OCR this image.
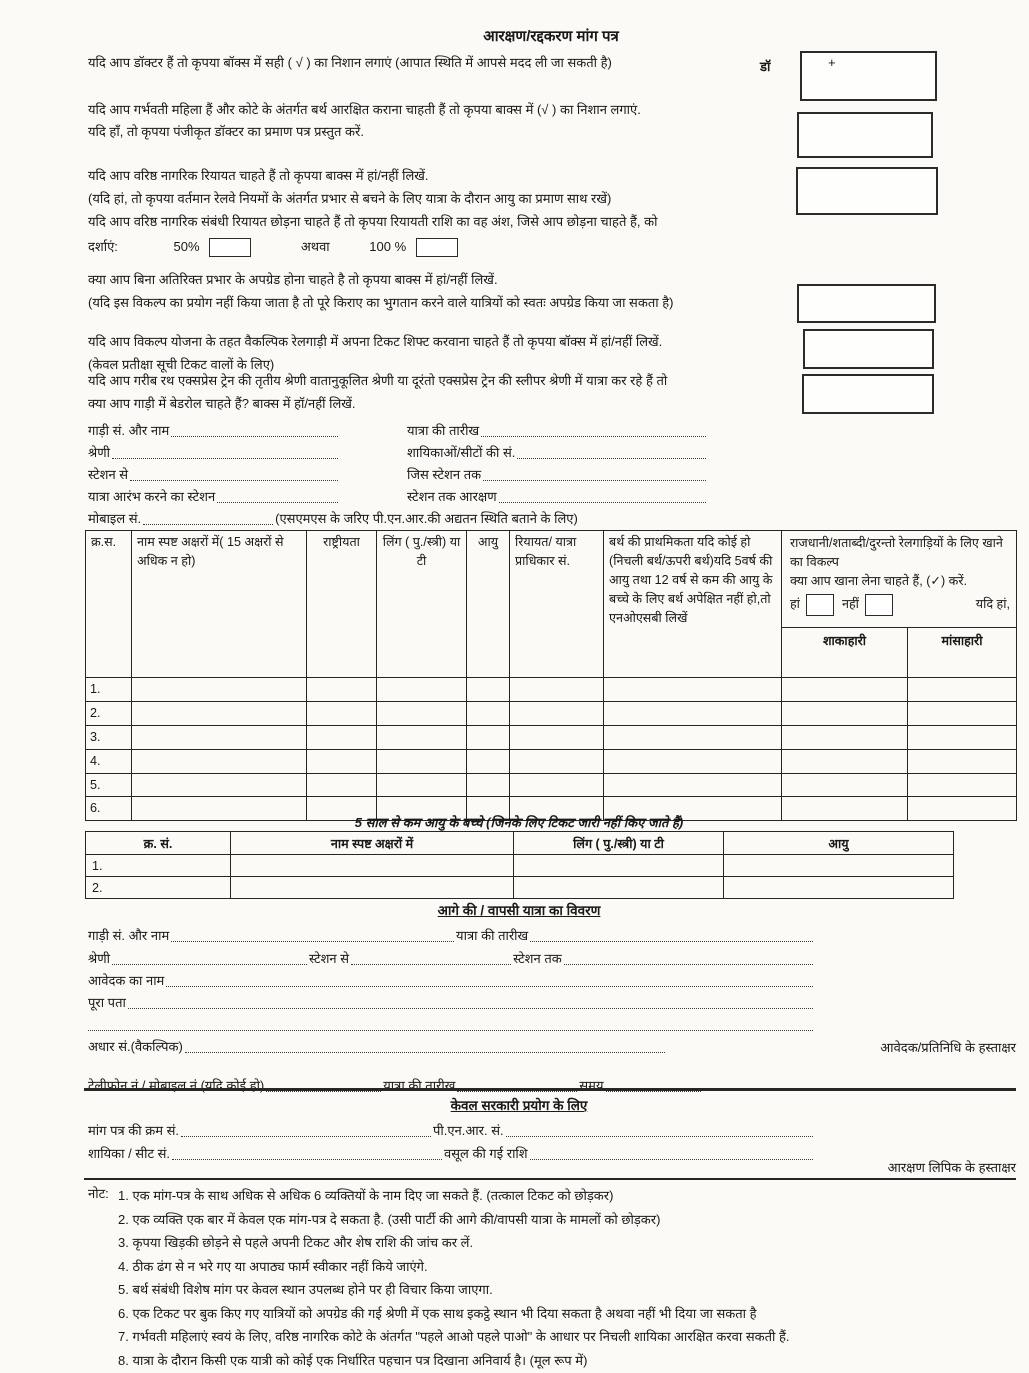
आरक्षण/रद्दकरण मांग पत्र
यदि आप डॉक्टर हैं तो कृपया बॉक्स में सही ( √ ) का निशान लगाएं (आपात स्थिति में आपसे मदद ली जा सकती है)	डॉ	+
यदि आप गर्भवती महिला हैं और कोटे के अंतर्गत बर्थ आरक्षित कराना चाहती हैं तो कृपया बाक्स में (√ ) का निशान लगाएं.
यदि हाँ, तो कृपया पंजीकृत डॉक्टर का प्रमाण पत्र प्रस्तुत करें.
यदि आप वरिष्ठ नागरिक रियायत चाहते हैं तो कृपया बाक्स में हां/नहीं लिखें.
(यदि हां, तो कृपया वर्तमान रेलवे नियमों के अंतर्गत प्रभार से बचने के लिए यात्रा के दौरान आयु का प्रमाण साथ रखें)
यदि आप वरिष्ठ नागरिक संबंधी रियायत छोड़ना चाहते हैं तो कृपया रियायती राशि का वह अंश, जिसे आप छोड़ना चाहते हैं, को
दर्शाएं:	50%	अथवा	100 %
क्या आप बिना अतिरिक्त प्रभार के अपग्रेड होना चाहते है तो कृपया बाक्स में हां/नहीं लिखें.
(यदि इस विकल्प का प्रयोग नहीं किया जाता है तो पूरे किराए का भुगतान करने वाले यात्रियों को स्वतः अपग्रेड किया जा सकता है)
यदि आप विकल्प योजना के तहत वैकल्पिक रेलगाड़ी में अपना टिकट शिफ्ट करवाना चाहते हैं तो कृपया बॉक्स में हां/नहीं लिखें.
(केवल प्रतीक्षा सूची टिकट वालों के लिए)
यदि आप गरीब रथ एक्सप्रेस ट्रेन की तृतीय श्रेणी वातानुकूलित श्रेणी या दूरंतो एक्सप्रेस ट्रेन की स्लीपर श्रेणी में यात्रा कर रहे हैं तो
क्या आप गाड़ी में बेडरोल चाहते हैं? बाक्स में हॉ/नहीं लिखें.
गाड़ी सं. और नाम	यात्रा की तारीख
श्रेणी	शायिकाओं/सीटों की सं.
स्टेशन से	जिस स्टेशन तक
यात्रा आरंभ करने का स्टेशन	स्टेशन तक आरक्षण
मोबाइल सं.	(एसएमएस के जरिए पी.एन.आर.की अद्यतन स्थिति बताने के लिए)
क्र.स.	नाम स्पष्ट अक्षरों में( 15 अक्षरों से अधिक न हो)	राष्ट्रीयता	लिंग ( पु./स्त्री) या टी	आयु	रियायत/ यात्रा प्राधिकार सं.	बर्थ की प्राथमिकता यदि कोई हो (निचली बर्थ/ऊपरी बर्थ)यदि 5वर्ष की आयु तथा 12 वर्ष से कम की आयु के बच्चे के लिए बर्थ अपेक्षित नहीं हो,तो एनओएसबी लिखें	राजधानी/शताब्दी/दुरन्तो रेलगाड़ियों के लिए खाने का विकल्प
क्या आप खाना लेना चाहते हैं, (✓) करें.
हां नहीं यदि हां,	

							शाकाहारी	मांसाहारी
1.								
2.								
3.								
4.								
5.								
6.								
5 साल से कम आयु के बच्चे (जिनके लिए टिकट जारी नहीं किए जाते हैं)
क्र. सं.	नाम स्पष्ट अक्षरों में	लिंग ( पु./स्त्री) या टी	आयु
1.			
2.			
आगे की / वापसी यात्रा का विवरण
गाड़ी सं. और नाम	यात्रा की तारीख
श्रेणी	स्टेशन से	स्टेशन तक
आवेदक का नाम
पूरा पता
अधार सं.(वैकल्पिक)
टेलीफोन नं./ मोबाइल नं (यदि कोई हो)	यात्रा की तारीख	समय
आवेदक/प्रतिनिधि के हस्ताक्षर
केवल सरकारी प्रयोग के लिए
मांग पत्र की क्रम सं.	पी.एन.आर. सं.
शायिका / सीट सं.	वसूल की गई राशि
आरक्षण लिपिक के हस्ताक्षर
नोट: 1. एक मांग-पत्र के साथ अधिक से अधिक 6 व्यक्तियों के नाम दिए जा सकते हैं. (तत्काल टिकट को छोड़कर)
2. एक व्यक्ति एक बार में केवल एक मांग-पत्र दे सकता है. (उसी पार्टी की आगे की/वापसी यात्रा के मामलों को छोड़कर)
3. कृपया खिड़की छोड़ने से पहले अपनी टिकट और शेष राशि की जांच कर लें.
4. ठीक ढंग से न भरे गए या अपाठ्य फार्म स्वीकार नहीं किये जाएंगे.
5. बर्थ संबंधी विशेष मांग पर केवल स्थान उपलब्ध होने पर ही विचार किया जाएगा.
6. एक टिकट पर बुक किए गए यात्रियों को अपग्रेड की गई श्रेणी में एक साथ इकट्ठे स्थान भी दिया सकता है अथवा नहीं भी दिया जा सकता है
7. गर्भवती महिलाएं स्वयं के लिए, वरिष्ठ नागरिक कोटे के अंतर्गत "पहले आओ पहले पाओ" के आधार पर निचली शायिका आरक्षित करवा सकती हैं.
8. यात्रा के दौरान किसी एक यात्री को कोई एक निर्धारित पहचान पत्र दिखाना अनिवार्य है। (मूल रूप में)
